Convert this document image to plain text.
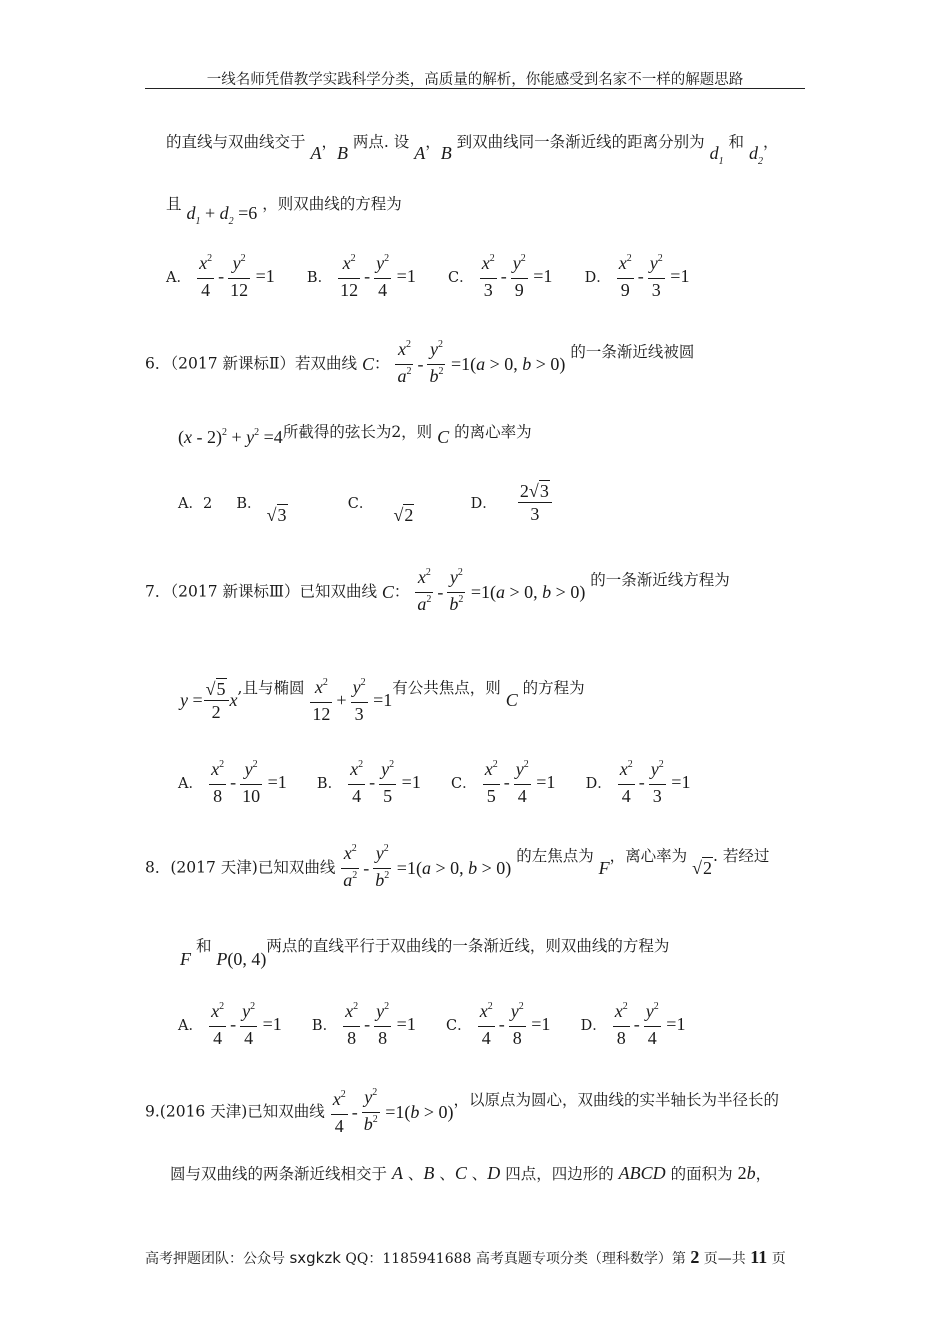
一线名师凭借教学实践科学分类，高质量的解析，你能感受到名家不一样的解题思路
的直线与双曲线交于 A，B 两点. 设 A，B 到双曲线同一条渐近线的距离分别为 $d_1$ 和 $d_2$，
且 $d_1 + d_2 =6$ ，则双曲线的方程为
A． $\frac{x^2}{4} - \frac{y^2}{12} =1$ B． $\frac{x^2}{12} - \frac{y^2}{4} =1$ C． $\frac{x^2}{3} - \frac{y^2}{9} =1$ D． $\frac{x^2}{9} - \frac{y^2}{3} =1$
6．（2017 新课标Ⅱ）若双曲线 C： $\frac{x^2}{a^2} - \frac{y^2}{b^2} =1(a > 0$, b > 0) 的一条渐近线被圆
$(x - 2)^2 + y^2 =4$所截得的弦长为2，则 C 的离心率为
A．2 B． √3  C．  √2  D． $\frac{2√3}{3}$
7．（2017 新课标Ⅲ）已知双曲线 C： $\frac{x^2}{a^2} - \frac{y^2}{b^2} =1(a > 0$, b > 0) 的一条渐近线方程为
$y = \frac{√5}{2} x$,且与椭圆 $\frac{x^2}{12} + \frac{y^2}{3} =1$有公共焦点，则 C 的方程为
A． $\frac{x^2}{8} - \frac{y^2}{10} =1$ B． $\frac{x^2}{4} - \frac{y^2}{5} =1$ C． $\frac{x^2}{5} - \frac{y^2}{4} =1$ D． $\frac{x^2}{4} - \frac{y^2}{3} =1$
8．(2017 天津)已知双曲线 $\frac{x^2}{a^2} - \frac{y^2}{b^2} =1(a > 0$, b > 0) 的左焦点为 F，离心率为 √2. 若经过
F 和 P(0, 4)两点的直线平行于双曲线的一条渐近线，则双曲线的方程为
A． $\frac{x^2}{4} - \frac{y^2}{4} =1$ B． $\frac{x^2}{8} - \frac{y^2}{8} =1$ C． $\frac{x^2}{4} - \frac{y^2}{8} =1$ D． $\frac{x^2}{8} - \frac{y^2}{4} =1$
9.(2016 天津)已知双曲线 $\frac{x^2}{4} - \frac{y^2}{b^2} =1(b > 0)$，以原点为圆心，双曲线的实半轴长为半径长的
圆与双曲线的两条渐近线相交于 A 、B 、C 、D 四点，四边形的 ABCD 的面积为 2b，
高考押题团队：公众号 sxgkzk QQ：1185941688 高考真题专项分类（理科数学）第 2 页—共 11 页
